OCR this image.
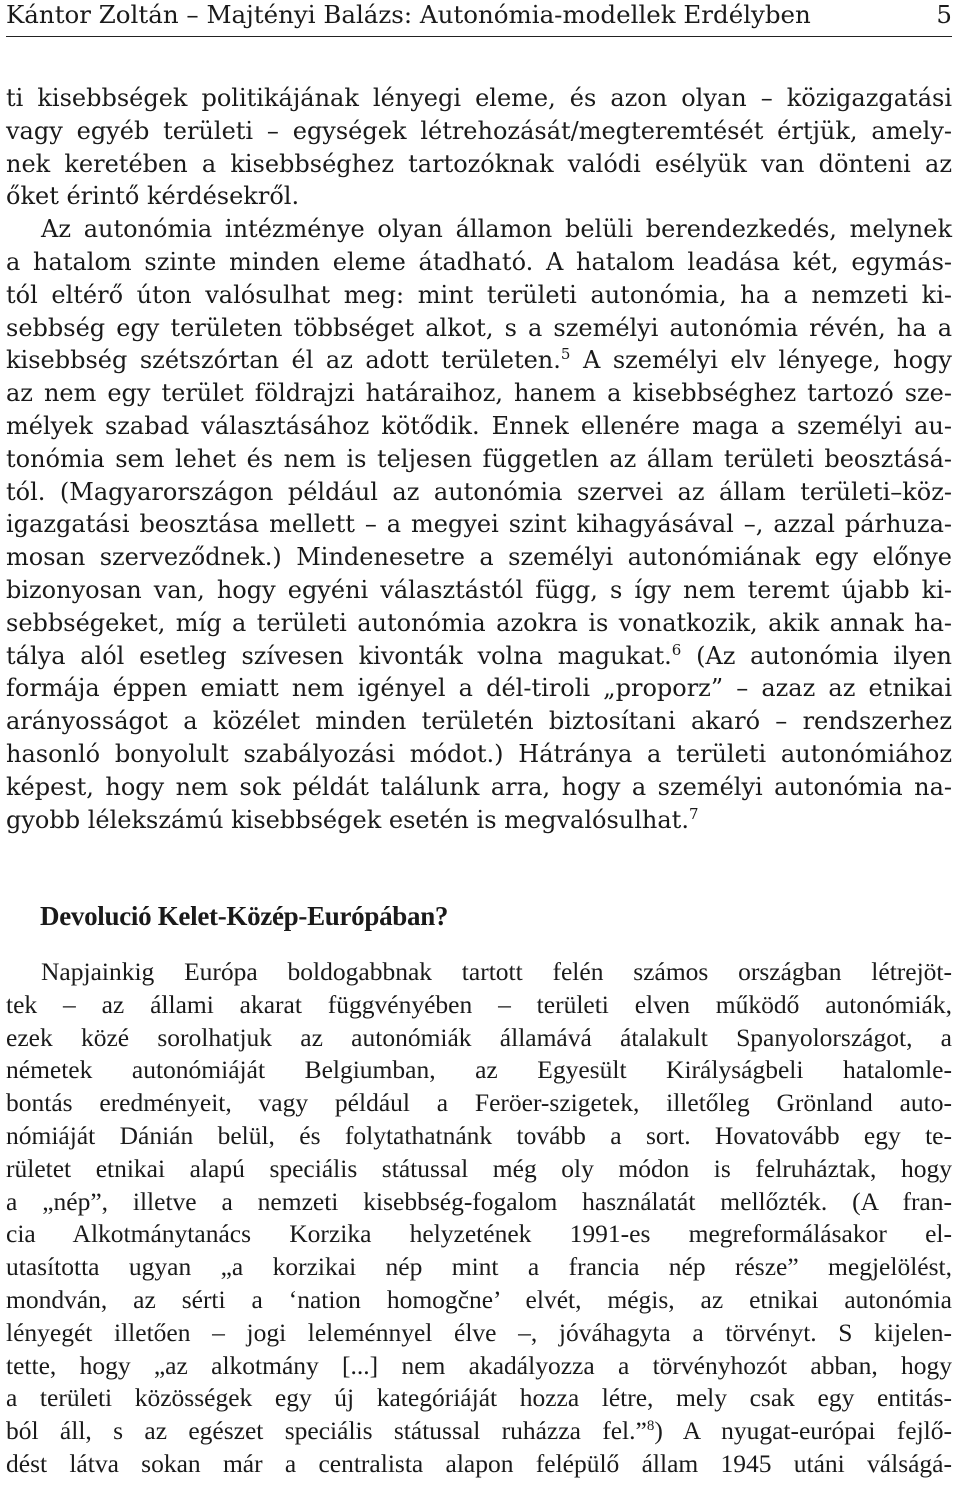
Kántor Zoltán – Majtényi Balázs: Autonómia-modellek Erdélyben	5
ti kisebbségek politikájának lényegi eleme, és azon olyan – közigazgatási
vagy egyéb területi – egységek létrehozását/megteremtését értjük, amely-
nek keretében a kisebbséghez tartozóknak valódi esélyük van dönteni az
őket érintő kérdésekről.
Az autonómia intézménye olyan államon belüli berendezkedés, melynek
a hatalom szinte minden eleme átadható. A hatalom leadása két, egymás-
tól eltérő úton valósulhat meg: mint területi autonómia, ha a nemzeti ki-
sebbség egy területen többséget alkot, s a személyi autonómia révén, ha a
kisebbség szétszórtan él az adott területen.$^5$ A személyi elv lényege, hogy
az nem egy terület földrajzi határaihoz, hanem a kisebbséghez tartozó sze-
mélyek szabad választásához kötődik. Ennek ellenére maga a személyi au-
tonómia sem lehet és nem is teljesen független az állam területi beosztásá-
tól. (Magyarországon például az autonómia szervei az állam területi–köz-
igazgatási beosztása mellett – a megyei szint kihagyásával –, azzal párhuza-
mosan szerveződnek.) Mindenesetre a személyi autonómiának egy előnye
bizonyosan van, hogy egyéni választástól függ, s így nem teremt újabb ki-
sebbségeket, míg a területi autonómia azokra is vonatkozik, akik annak ha-
tálya alól esetleg szívesen kivonták volna magukat.$^6$ (Az autonómia ilyen
formája éppen emiatt nem igényel a dél-tiroli „proporz” – azaz az etnikai
arányosságot a közélet minden területén biztosítani akaró – rendszerhez
hasonló bonyolult szabályozási módot.) Hátránya a területi autonómiához
képest, hogy nem sok példát találunk arra, hogy a személyi autonómia na-
gyobb lélekszámú kisebbségek esetén is megvalósulhat.$^7$
Devolució Kelet-Közép-Európában?
Napjainkig Európa boldogabbnak tartott felén számos országban létrejöt-
tek – az állami akarat függvényében – területi elven működő autonómiák,
ezek közé sorolhatjuk az autonómiák államává átalakult Spanyolországot, a
németek autonómiáját Belgiumban, az Egyesült Királyságbeli hatalomle-
bontás eredményeit, vagy például a Feröer-szigetek, illetőleg Grönland auto-
nómiáját Dánián belül, és folytathatnánk tovább a sort. Hovatovább egy te-
rületet etnikai alapú speciális státussal még oly módon is felruháztak, hogy
a „nép”, illetve a nemzeti kisebbség-fogalom használatát mellőzték. (A fran-
cia Alkotmánytanács Korzika helyzetének 1991-es megreformálásakor el-
utasította ugyan „a korzikai nép mint a francia nép része” megjelölést,
mondván, az sérti a ‘nation homogčne’ elvét, mégis, az etnikai autonómia
lényegét illetően – jogi leleménnyel élve –, jóváhagyta a törvényt. S kijelen-
tette, hogy „az alkotmány [...] nem akadályozza a törvényhozót abban, hogy
a területi közösségek egy új kategóriáját hozza létre, mely csak egy entitás-
ból áll, s az egészet speciális státussal ruházza fel.”$^8$) A nyugat-európai fejlő-
dést látva sokan már a centralista alapon felépülő állam 1945 utáni válságá-
